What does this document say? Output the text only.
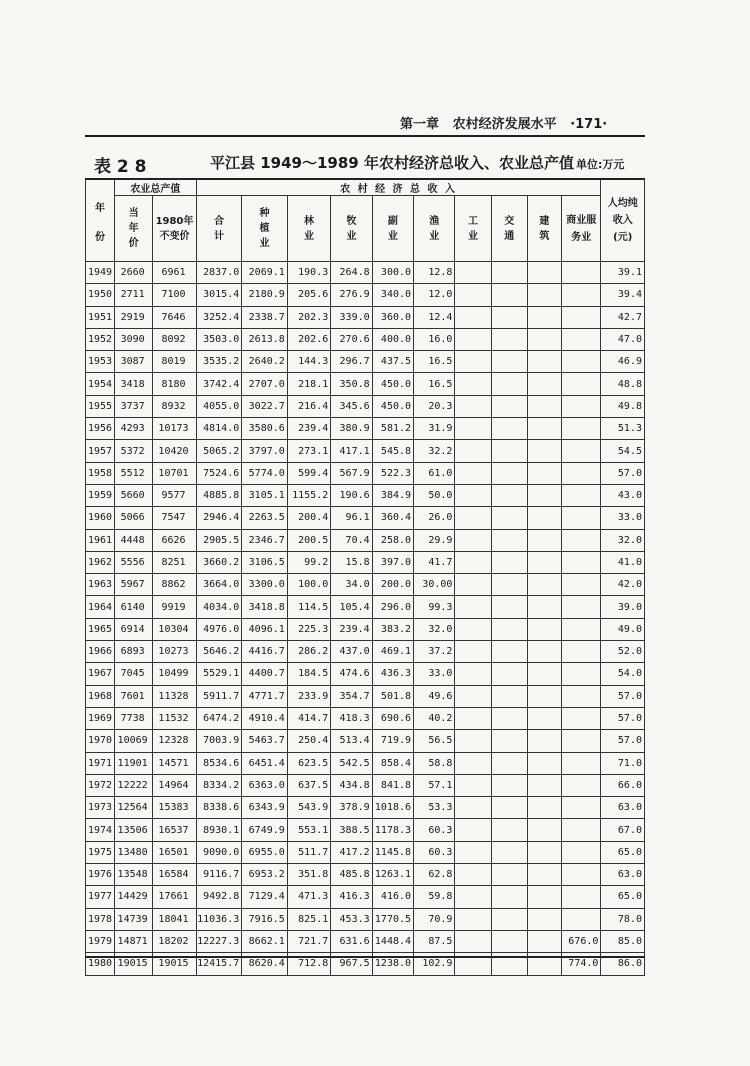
第一章 农村经济发展水平 ·171·
表 2 8	平江县 1949～1989 年农村经济总收入、农业总产值 单位:万元
年
份	农业总产值		农 村 经 济 总 收 入										人均纯收入(元)
	当年价	1980年不变价	合计	种植业	林业	牧业	副业	渔业	工业	交通	建筑	商业服务业	
1949	2660	6961	2837.0	2069.1	190.3	264.8	300.0	12.8					39.1
1950	2711	7100	3015.4	2180.9	205.6	276.9	340.0	12.0					39.4
1951	2919	7646	3252.4	2338.7	202.3	339.0	360.0	12.4					42.7
1952	3090	8092	3503.0	2613.8	202.6	270.6	400.0	16.0					47.0
1953	3087	8019	3535.2	2640.2	144.3	296.7	437.5	16.5					46.9
1954	3418	8180	3742.4	2707.0	218.1	350.8	450.0	16.5					48.8
1955	3737	8932	4055.0	3022.7	216.4	345.6	450.0	20.3					49.8
1956	4293	10173	4814.0	3580.6	239.4	380.9	581.2	31.9					51.3
1957	5372	10420	5065.2	3797.0	273.1	417.1	545.8	32.2					54.5
1958	5512	10701	7524.6	5774.0	599.4	567.9	522.3	61.0					57.0
1959	5660	9577	4885.8	3105.1	1155.2	190.6	384.9	50.0					43.0
1960	5066	7547	2946.4	2263.5	200.4	96.1	360.4	26.0					33.0
1961	4448	6626	2905.5	2346.7	200.5	70.4	258.0	29.9					32.0
1962	5556	8251	3660.2	3106.5	99.2	15.8	397.0	41.7					41.0
1963	5967	8862	3664.0	3300.0	100.0	34.0	200.0	30.00					42.0
1964	6140	9919	4034.0	3418.8	114.5	105.4	296.0	99.3					39.0
1965	6914	10304	4976.0	4096.1	225.3	239.4	383.2	32.0					49.0
1966	6893	10273	5646.2	4416.7	286.2	437.0	469.1	37.2					52.0
1967	7045	10499	5529.1	4400.7	184.5	474.6	436.3	33.0					54.0
1968	7601	11328	5911.7	4771.7	233.9	354.7	501.8	49.6					57.0
1969	7738	11532	6474.2	4910.4	414.7	418.3	690.6	40.2					57.0
1970	10069	12328	7003.9	5463.7	250.4	513.4	719.9	56.5					57.0
1971	11901	14571	8534.6	6451.4	623.5	542.5	858.4	58.8					71.0
1972	12222	14964	8334.2	6363.0	637.5	434.8	841.8	57.1					66.0
1973	12564	15383	8338.6	6343.9	543.9	378.9	1018.6	53.3					63.0
1974	13506	16537	8930.1	6749.9	553.1	388.5	1178.3	60.3					67.0
1975	13480	16501	9090.0	6955.0	511.7	417.2	1145.8	60.3					65.0
1976	13548	16584	9116.7	6953.2	351.8	485.8	1263.1	62.8					63.0
1977	14429	17661	9492.8	7129.4	471.3	416.3	416.0	59.8					65.0
1978	14739	18041	11036.3	7916.5	825.1	453.3	1770.5	70.9					78.0
1979	14871	18202	12227.3	8662.1	721.7	631.6	1448.4	87.5				676.0	85.0
1980	19015	19015	12415.7	8620.4	712.8	967.5	1238.0	102.9				774.0	86.0
